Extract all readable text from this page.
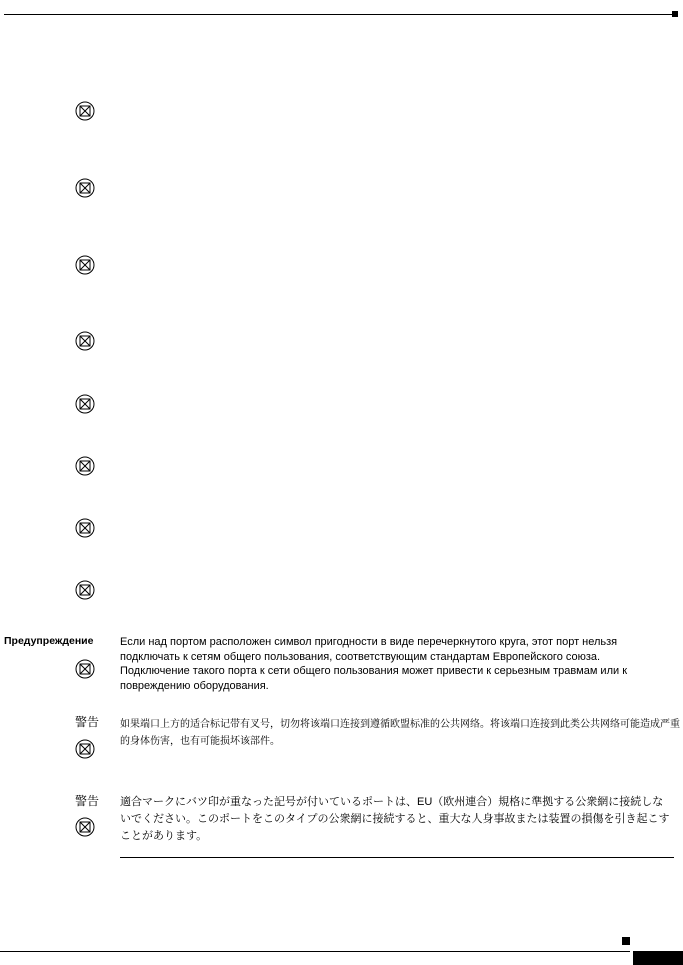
Предупреждение Если над портом расположен символ пригодности в виде перечеркнутого круга, этот порт нельзя подключать к сетям общего пользования, соответствующим стандартам Европейского союза. Подключение такого порта к сети общего пользования может привести к серьезным травмам или к повреждению оборудования.
警告 如果端口上方的适合标记带有叉号，切勿将该端口连接到遵循欧盟标准的公共网络。将该端口连接到此类公共网络可能造成严重的身体伤害，也有可能损坏该部件。
警告 適合マークにバツ印が重なった記号が付いているポートは、EU（欧州連合）規格に準拠する公衆網に接続しないでください。このポートをこのタイプの公衆網に接続すると、重大な人身事故または装置の損傷を引き起こすことがあります。
